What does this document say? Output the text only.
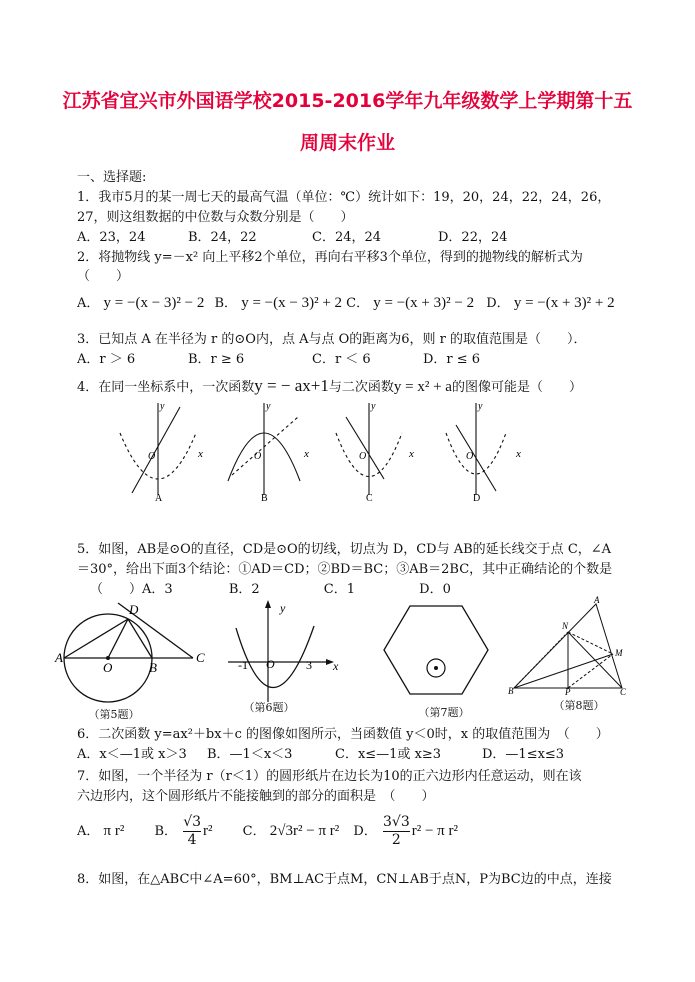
江苏省宜兴市外国语学校2015-2016学年九年级数学上学期第十五
周周末作业
一、选择题:
1．我市5月的某一周七天的最高气温（单位：℃）统计如下：19，20，24，22，24，26，
27，则这组数据的中位数与众数分别是（　　）
A．23，24	B．24，22	C．24，24	D．22，24
2．将抛物线 y=－x² 向上平移2个单位，再向右平移3个单位，得到的抛物线的解析式为
（　　）
A． y = −(x − 3)² − 2 B． y = −(x − 3)² + 2 C． y = −(x + 3)² − 2 D． y = −(x + 3)² + 2
3．已知点 A 在半径为 r 的⊙O内，点 A与点 O的距离为6，则 r 的取值范围是（　　）．
A．r ＞ 6	B．r ≥ 6	C．r ＜ 6	D．r ≤ 6
4．在同一坐标系中，一次函数y = − ax+1与二次函数y = x² + a的图像可能是（　　）
y
O	x
A
y
O	x
B
y
O	x
C
y
O	x
D
5．如图，AB是⊙O的直径，CD是⊙O的切线，切点为 D，CD与 AB的延长线交于点 C，∠A
＝30°，给出下面3个结论：①AD＝CD；②BD＝BC；③AB＝2BC，其中正确结论的个数是
（　　）A．3	B．2	C．1	D．0
A
O	B
C
D	y
x
-1 O	3
A
N
M
B	P	C
（第5题）
（第6题）	（第7题）
（第8题）
6．二次函数 y=ax²＋bx＋c 的图像如图所示，当函数值 y＜0时，x 的取值范围为　（　　）
A．x＜—1或 x＞3 B．—1＜x＜3	C．x≤—1或 x≥3	D．—1≤x≤3
7．如图，一个半径为 r（r＜1）的圆形纸片在边长为10的正六边形内任意运动，则在该
六边形内，这个圆形纸片不能接触到的部分的面积是　（　　）
A． π r² B． $\frac{√3}{4} r^2$ C． 2√3r² − π r² D． $\frac{3√3}{2} r^2 - \pi$ r²
8．如图，在△ABC中∠A=60°，BM⊥AC于点M，CN⊥AB于点N，P为BC边的中点，连接
